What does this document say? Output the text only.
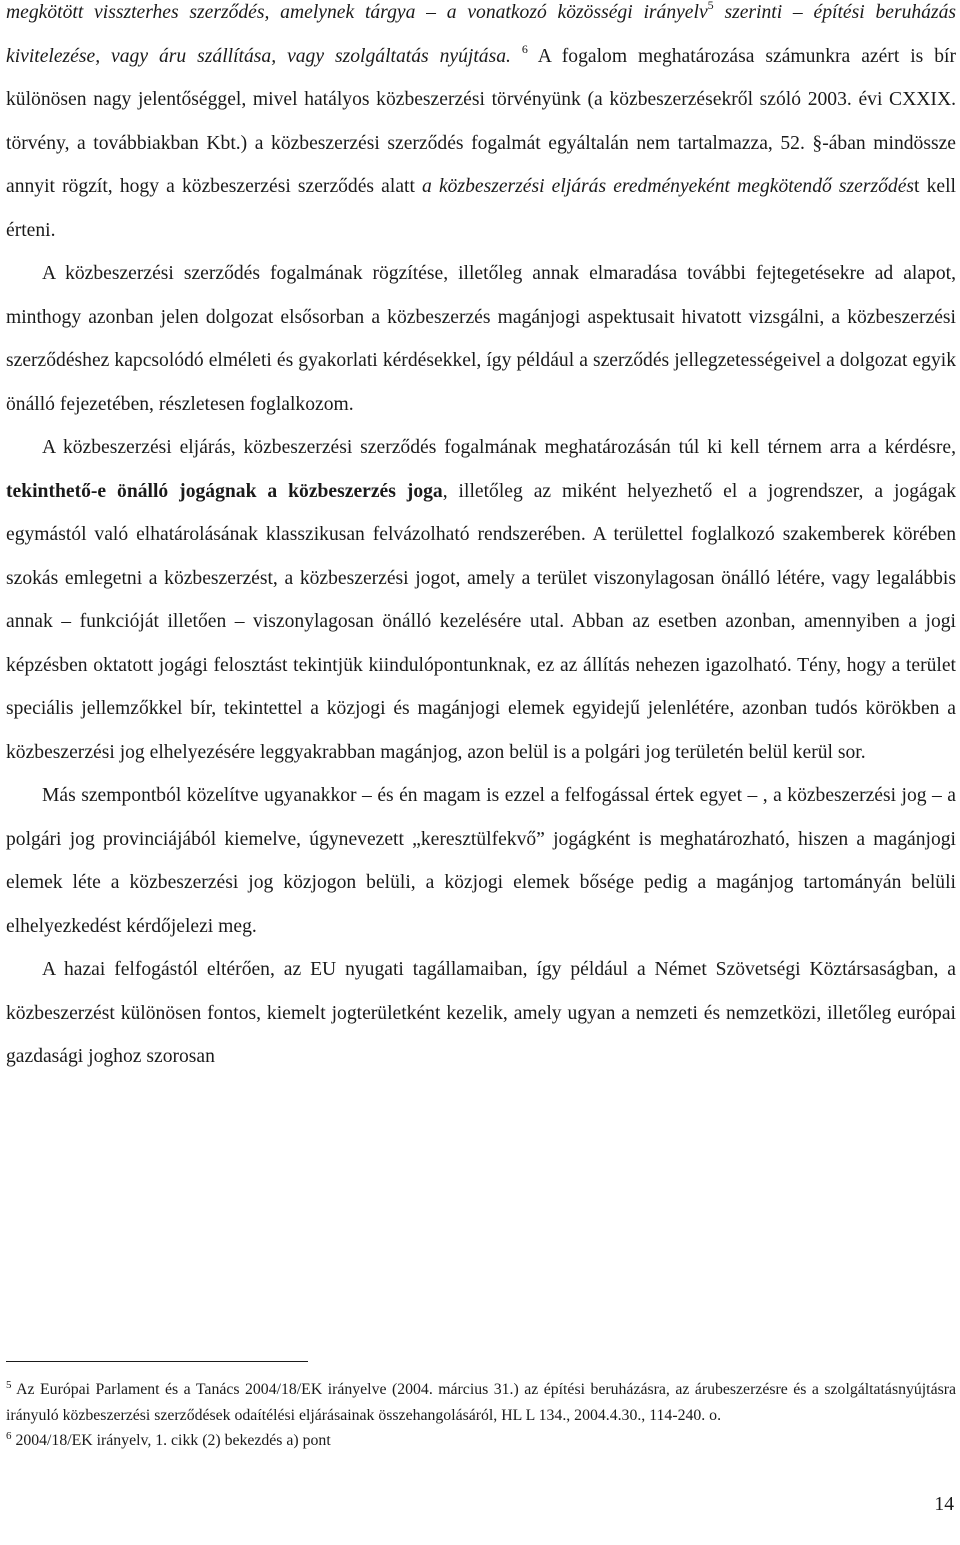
megkötött visszterhes szerződés, amelynek tárgya – a vonatkozó közösségi irányelv$^5$ szerinti – építési beruházás kivitelezése, vagy áru szállítása, vagy szolgáltatás nyújtása. $^6$ A fogalom meghatározása számunkra azért is bír különösen nagy jelentőséggel, mivel hatályos közbeszerzési törvényünk (a közbeszerzésekről szóló 2003. évi CXXIX. törvény, a továbbiakban Kbt.) a közbeszerzési szerződés fogalmát egyáltalán nem tartalmazza, 52. §-ában mindössze annyit rögzít, hogy a közbeszerzési szerződés alatt a közbeszerzési eljárás eredményeként megkötendő szerződést kell érteni.

A közbeszerzési szerződés fogalmának rögzítése, illetőleg annak elmaradása további fejtegetésekre ad alapot, minthogy azonban jelen dolgozat elsősorban a közbeszerzés magánjogi aspektusait hivatott vizsgálni, a közbeszerzési szerződéshez kapcsolódó elméleti és gyakorlati kérdésekkel, így például a szerződés jellegzetességeivel a dolgozat egyik önálló fejezetében, részletesen foglalkozom.

A közbeszerzési eljárás, közbeszerzési szerződés fogalmának meghatározásán túl ki kell térnem arra a kérdésre, tekinthető-e önálló jogágnak a közbeszerzés joga, illetőleg az miként helyezhető el a jogrendszer, a jogágak egymástól való elhatárolásának klasszikusan felvázolható rendszerében. A területtel foglalkozó szakemberek körében szokás emlegetni a közbeszerzést, a közbeszerzési jogot, amely a terület viszonylagosan önálló létére, vagy legalábbis annak – funkcióját illetően – viszonylagosan önálló kezelésére utal. Abban az esetben azonban, amennyiben a jogi képzésben oktatott jogági felosztást tekintjük kiindulópontunknak, ez az állítás nehezen igazolható. Tény, hogy a terület speciális jellemzőkkel bír, tekintettel a közjogi és magánjogi elemek egyidejű jelenlétére, azonban tudós körökben a közbeszerzési jog elhelyezésére leggyakrabban magánjog, azon belül is a polgári jog területén belül kerül sor.

Más szempontból közelítve ugyanakkor – és én magam is ezzel a felfogással értek egyet – , a közbeszerzési jog – a polgári jog provinciájából kiemelve, úgynevezett „keresztülfekvő” jogágként is meghatározható, hiszen a magánjogi elemek léte a közbeszerzési jog közjogon belüli, a közjogi elemek bősége pedig a magánjog tartományán belüli elhelyezkedést kérdőjelezi meg.

A hazai felfogástól eltérően, az EU nyugati tagállamaiban, így például a Német Szövetségi Köztársaságban, a közbeszerzést különösen fontos, kiemelt jogterületként kezelik, amely ugyan a nemzeti és nemzetközi, illetőleg európai gazdasági joghoz szorosan

$^5$ Az Európai Parlament és a Tanács 2004/18/EK irányelve (2004. március 31.) az építési beruházásra, az árubeszerzésre és a szolgáltatásnyújtásra irányuló közbeszerzési szerződések odaítélési eljárásainak összehangolásáról, HL L 134., 2004.4.30., 114-240. o.

$^6$ 2004/18/EK irányelv, 1. cikk (2) bekezdés a) pont

14
